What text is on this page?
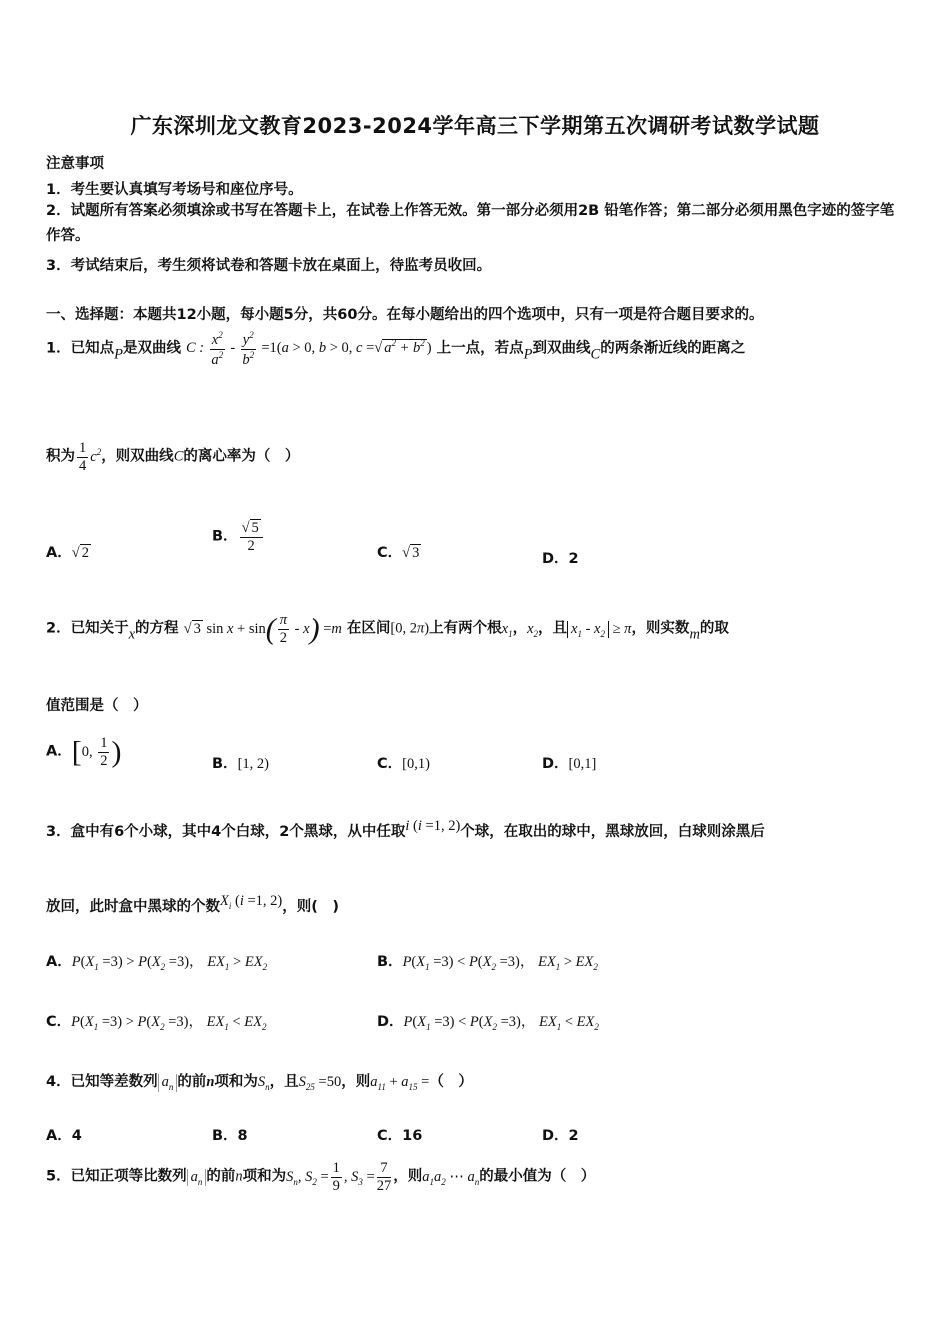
广东深圳龙文教育2023-2024学年高三下学期第五次调研考试数学试题
注意事项
1．考生要认真填写考场号和座位序号。
2．试题所有答案必须填涂或书写在答题卡上，在试卷上作答无效。第一部分必须用2B 铅笔作答；第二部分必须用黑色字迹的签字笔作答。
3．考试结束后，考生须将试卷和答题卡放在桌面上，待监考员收回。
一、选择题：本题共12小题，每小题5分，共60分。在每小题给出的四个选项中，只有一项是符合题目要求的。
1．已知点P是双曲线 C : $\frac{x^2}{a^2} - \frac{y^2}{b^2} =1(a > 0$, b > 0, c =√ $a^2 + b^2$ ) 上一点，若点P到双曲线C的两条渐近线的距离之
积为 $\frac{1}{4} c^2$，则双曲线C的离心率为（　）
A．√ 2
B． $\frac{√ 5}{2}$	C．√ 3	D．2
2．已知关于x的方程 √ 3 $\sin x + \sin( \frac{\pi}{2} - x) =m$ 在区间[0, 2π)上有两个根$x_1$，$x_2$，且 $x_1 - x_2 \ge \pi$，则实数m的取
值范围是（　）
A．[0, $\frac{1}{2}$ )	B．[1, 2)	C．[0,1)	D．[0,1]
3．盒中有6个小球，其中4个白球，2个黑球，从中任取i (i =1, 2)个球，在取出的球中，黑球放回，白球则涂黑后
放回，此时盒中黑球的个数$X_i$ (i =1, 2)，则(　)
A．$P(X_1 =3) > P(X_2 =3)$， $EX_1 > EX_2$	B．$P(X_1 =3) < P(X_2 =3)$， $EX_1 > EX_2$
C．$P(X_1 =3) > P(X_2 =3)$， $EX_1 < EX_2$	D．$P(X_1 =3) < P(X_2 =3)$， $EX_1 < EX_2$
4．已知等差数列 $a_n$ 的前n项和为$S_n$，且$S_{25} =50$，则$a_{11} + a_{15}$ =（　）
A．4	B．8	C．16	D．2
5．已知正项等比数列 $a_n$ 的前n项和为$S_n$, $S_2 = \frac{1}{9}$ , $S_3 = \frac{7}{27}$ ，则$a_1a_2$ ⋯ $a_n$的最小值为（　）
